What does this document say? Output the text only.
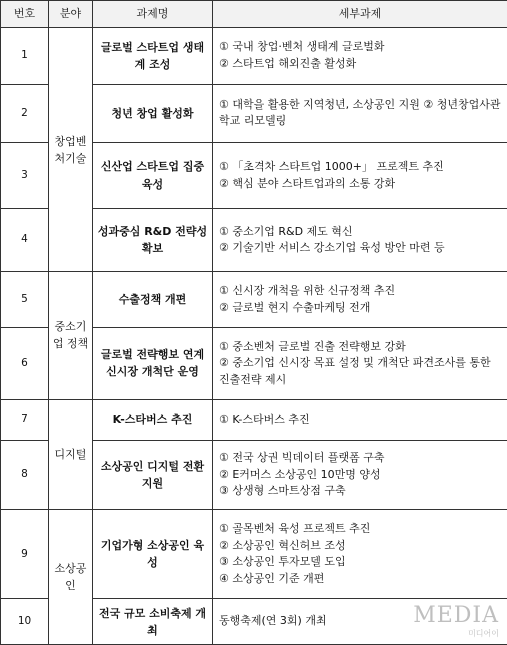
번호	분야	과제명	세부과제
1	창업벤처기술	글로벌 스타트업 생태계 조성	① 국내 창업·벤처 생태계 글로벌화
② 스타트업 해외진출 활성화

2		청년 창업 활성화	① 대학을 활용한 지역청년, 소상공인 지원 ② 청년창업사관학교 리모델링

3		신산업 스타트업 집중 육성	① 「초격차 스타트업 1000+」 프로젝트 추진
② 핵심 분야 스타트업과의 소통 강화

4		성과중심 R&D 전략성 확보	① 중소기업 R&D 제도 혁신
② 기술기반 서비스 강소기업 육성 방안 마련 등

5	중소기업 정책	수출정책 개편	① 신시장 개척을 위한 신규정책 추진
② 글로벌 현지 수출마케팅 전개

6		글로벌 전략행보 연계 신시장 개척단 운영	① 중소벤처 글로벌 진출 전략행보 강화
② 중소기업 신시장 목표 설정 및 개척단 파견조사를 통한 진출전략 제시

7	디지털	K-스타버스 추진	① K-스타버스 추진

8		소상공인 디지털 전환 지원	① 전국 상권 빅데이터 플랫폼 구축
② E커머스 소상공인 10만명 양성
③ 상생형 스마트상점 구축

9	소상공인	기업가형 소상공인 육성	① 골목벤처 육성 프로젝트 추진
② 소상공인 혁신허브 조성
③ 소상공인 투자모델 도입
④ 소상공인 기준 개편

10		전국 규모 소비축제 개최	동행축제(연 3회) 개최	MEDIA
미디어이
